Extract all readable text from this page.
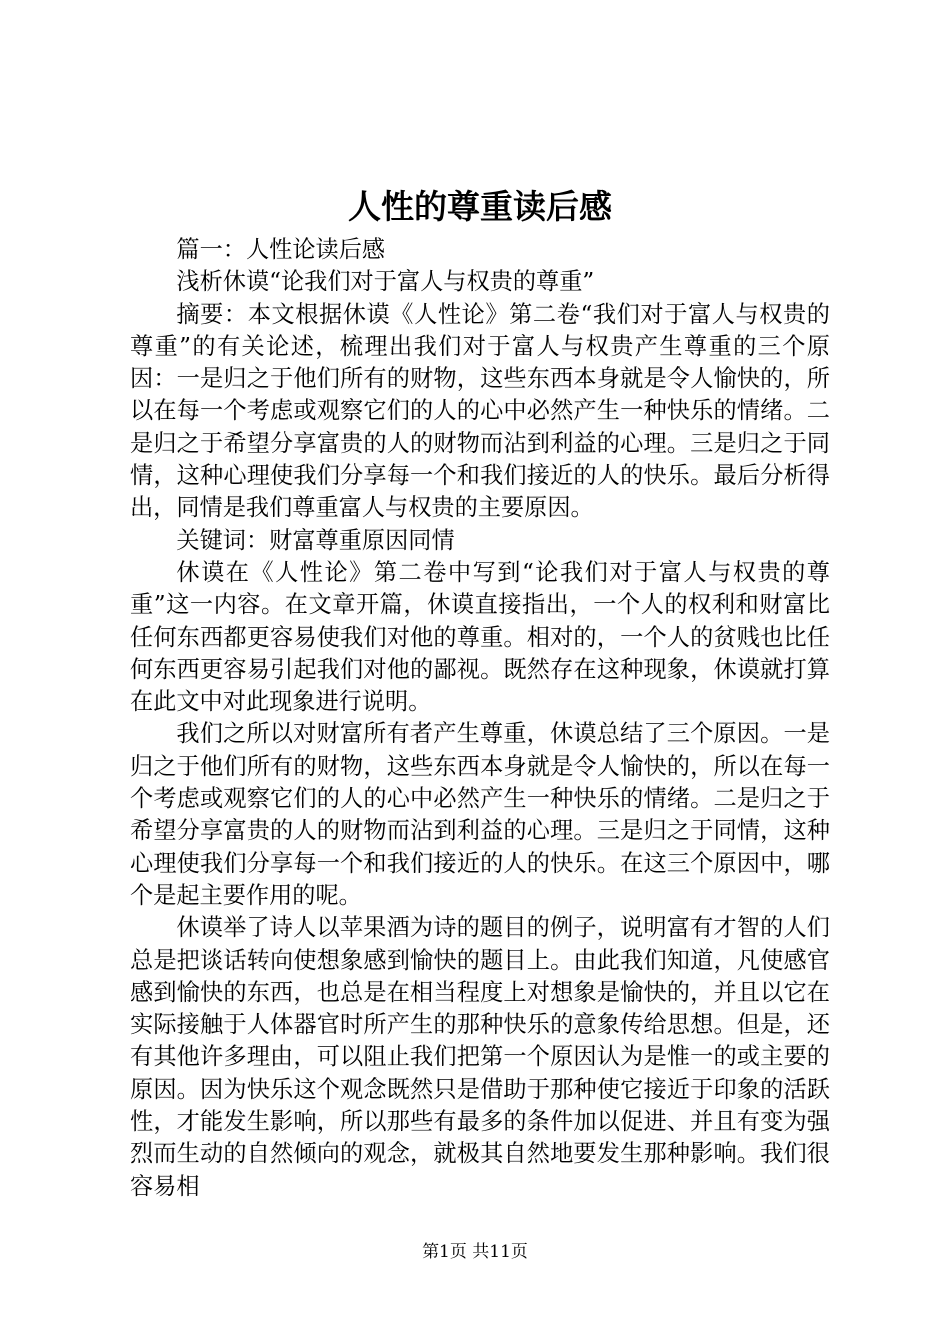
人性的尊重读后感

篇一：人性论读后感

浅析休谟“论我们对于富人与权贵的尊重”

摘要：本文根据休谟《人性论》第二卷“我们对于富人与权贵的尊重”的有关论述，梳理出我们对于富人与权贵产生尊重的三个原因：一是归之于他们所有的财物，这些东西本身就是令人愉快的，所以在每一个考虑或观察它们的人的心中必然产生一种快乐的情绪。二是归之于希望分享富贵的人的财物而沾到利益的心理。三是归之于同情，这种心理使我们分享每一个和我们接近的人的快乐。最后分析得出，同情是我们尊重富人与权贵的主要原因。

关键词：财富尊重原因同情

休谟在《人性论》第二卷中写到“论我们对于富人与权贵的尊重”这一内容。在文章开篇，休谟直接指出，一个人的权利和财富比任何东西都更容易使我们对他的尊重。相对的，一个人的贫贱也比任何东西更容易引起我们对他的鄙视。既然存在这种现象，休谟就打算在此文中对此现象进行说明。

我们之所以对财富所有者产生尊重，休谟总结了三个原因。一是归之于他们所有的财物，这些东西本身就是令人愉快的，所以在每一个考虑或观察它们的人的心中必然产生一种快乐的情绪。二是归之于希望分享富贵的人的财物而沾到利益的心理。三是归之于同情，这种心理使我们分享每一个和我们接近的人的快乐。在这三个原因中，哪个是起主要作用的呢。

休谟举了诗人以苹果酒为诗的题目的例子，说明富有才智的人们总是把谈话转向使想象感到愉快的题目上。由此我们知道，凡使感官感到愉快的东西，也总是在相当程度上对想象是愉快的，并且以它在实际接触于人体器官时所产生的那种快乐的意象传给思想。但是，还有其他许多理由，可以阻止我们把第一个原因认为是惟一的或主要的原因。因为快乐这个观念既然只是借助于那种使它接近于印象的活跃性，才能发生影响，所以那些有最多的条件加以促进、并且有变为强烈而生动的自然倾向的观念，就极其自然地要发生那种影响。我们很容易相

第1页 共11页
